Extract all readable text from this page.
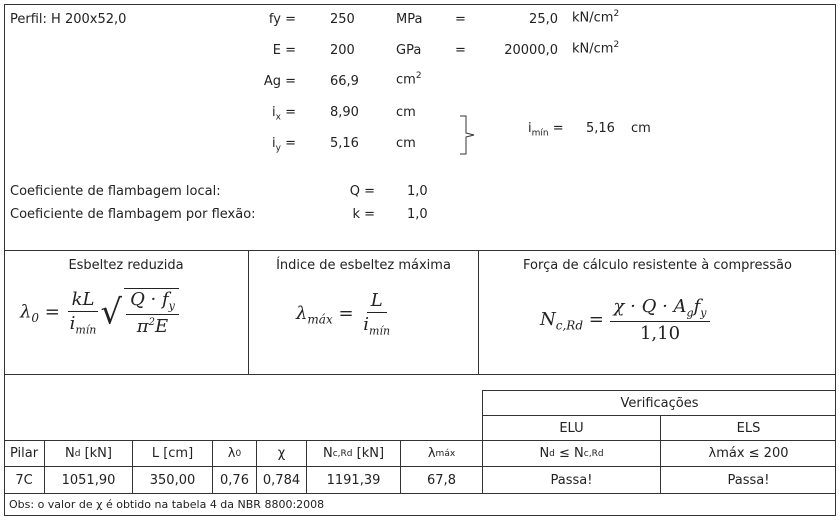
Perfil: H 200x52,0	fy =	250	MPa	=	25,0 $kN/cm^2$
E =	200	GPa	=	20000,0 $kN/cm^2$
Ag =	66,9	$cm^2$
$i_x$ =	8,90	cm
$i_y$ =	5,16	cm
$i_{mín} = 5,16$ cm
Coeficiente de flambagem local:	Q = 1,0
Coeficiente de flambagem por flexão:	k = 1,0
Esbeltez reduzida	Índice de esbeltez máxima	Força de cálculo resistente à compressão
$\lambda_0 = \frac{kL}{i_{mín}}$ √ $\frac{Q \cdot f_y}{\pi^2E}$	$\lambda_{máx} = \frac{L}{i_{mín}}$	$N_{c,Rd} = \frac{\chi \cdot Q \cdot A_gf_y}{1,10}$
Verificações
ELU	ELS
Pilar	N d [kN]	L [cm]	λ 0	χ	N c,Rd [kN]	λ máx	N d ≤ N c,Rd	λmáx ≤ 200
7C	1051,90	350,00	0,76	0,784	1191,39	67,8	Passa!	Passa!
Obs: o valor de χ é obtido na tabela 4 da NBR 8800:2008
